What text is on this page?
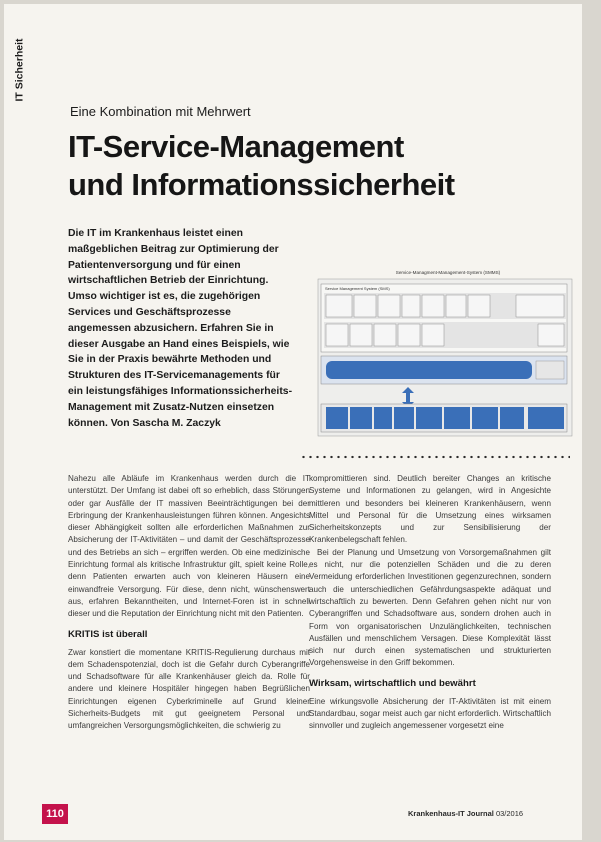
IT Sicherheit
Eine Kombination mit Mehrwert
IT-Service-Management
und Informationssicherheit

Die IT im Krankenhaus leistet einen maßgeblichen Beitrag zur Optimierung der Patientenversorgung und für einen wirtschaftlichen Betrieb der Einrichtung. Umso wichtiger ist es, die zugehörigen Services und Geschäftsprozesse angemessen abzusichern. Erfahren Sie in dieser Ausgabe an Hand eines Beispiels, wie Sie in der Praxis bewährte Methoden und Strukturen des IT-Servicemanagements für ein leistungsfähiges Informationssicherheits-Management mit Zusatz-Nutzen einsetzen können. Von Sascha M. Zaczyk

Service-Managment-Management-System (SMMS)
Service Management System (SMS)

Nahezu alle Abläufe im Krankenhaus werden durch die IT unterstützt. Der Umfang ist dabei oft so erheblich, dass Störungen oder gar Ausfälle der IT massiven Beeinträchtigungen bei der Erbringung der Krankenhausleistungen führen können. Angesichts dieser Abhängigkeit sollten alle erforderlichen Maßnahmen zur Absicherung der IT-Aktivitäten – und damit der Geschäftsprozesse und des Betriebs an sich – ergriffen werden. Ob eine medizinische Einrichtung formal als kritische Infrastruktur gilt, spielt keine Rolle, denn Patienten erwarten auch von kleineren Häusern eine einwandfreie Versorgung. Für diese, denn nicht, wünschenswert aus, erfahren Bekanntheiten, und Internet-Foren ist in schnell dieser und die Reputation der Einrichtung nicht mit den Patienten.

KRITIS ist überall

Zwar konstiert die momentane KRITIS-Regulierung durchaus mit dem Schadenspotenzial, doch ist die Gefahr durch Cyberangriffe und Schadsoftware für alle Krankenhäuser gleich da. Rolle für andere und kleinere Hospitäler hingegen haben Begrüßlichen Einrichtungen eigenen Cyberkriminelle auf Grund kleiner Sicherheits-Budgets mit gut geeignetem Personal und umfangreichen Versorgungsmöglichkeiten, die schwierig zu

kompromittieren sind. Deutlich bereiter Changes an kritische Systeme und Informationen zu gelangen, wird in Angesichte mittleren und besonders bei kleineren Krankenhäusern, wenn Mittel und Personal für die Umsetzung eines wirksamen Sicherheitskonzepts und zur Sensibilisierung der Krankenbelegschaft fehlen.

Bei der Planung und Umsetzung von Vorsorgemaßnahmen gilt es nicht, nur die potenziellen Schäden und die zu deren Vermeidung erforderlichen Investitionen gegenzurechnen, sondern auch die unterschiedlichen Gefährdungsaspekte adäquat und wirtschaftlich zu bewerten. Denn Gefahren gehen nicht nur von Cyberangriffen und Schadsoftware aus, sondern drohen auch in Form von organisatorischen Unzulänglichkeiten, technischen Ausfällen und menschlichem Versagen. Diese Komplexität lässt sich nur durch einen systematischen und strukturierten Vorgehensweise in den Griff bekommen.

Wirksam, wirtschaftlich und bewährt

Eine wirkungsvolle Absicherung der IT-Aktivitäten ist mit einem Standardbau, sogar meist auch gar nicht erforderlich. Wirtschaftlich sinnvoller und zugleich angemessener vorgesetzt eine

110	Krankenhaus-IT Journal 03/2016
